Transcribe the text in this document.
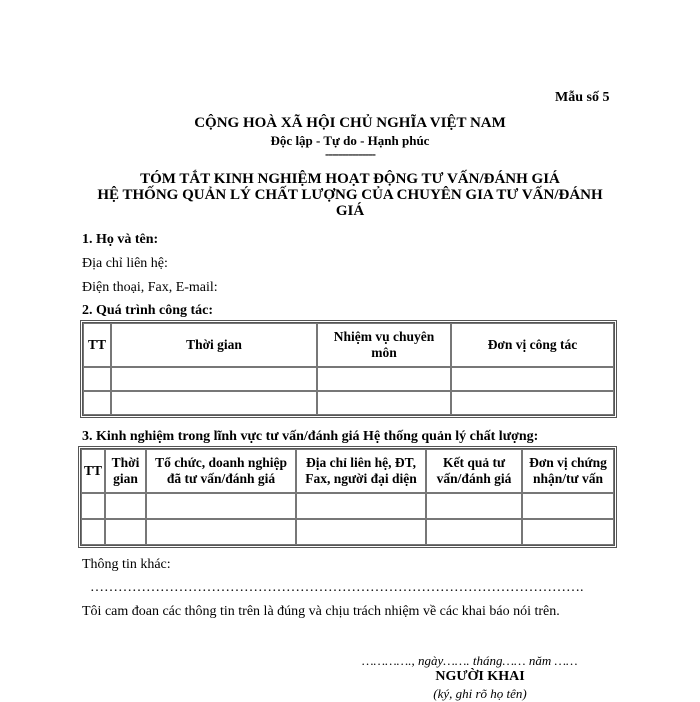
Mẫu số 5
CỘNG HOÀ XÃ HỘI CHỦ NGHĨA VIỆT NAM
Độc lập - Tự do - Hạnh phúc
---------------
TÓM TẮT KINH NGHIỆM HOẠT ĐỘNG TƯ VẤN/ĐÁNH GIÁ
HỆ THỐNG QUẢN LÝ CHẤT LƯỢNG CỦA CHUYÊN GIA TƯ VẤN/ĐÁNH
GIÁ
1. Họ và tên:
Địa chỉ liên hệ:
Điện thoại, Fax, E-mail:
2. Quá trình công tác:
TT	Thời gian	Nhiệm vụ chuyên môn	Đơn vị công tác

3. Kinh nghiệm trong lĩnh vực tư vấn/đánh giá Hệ thống quản lý chất lượng:
TT	Thời gian	Tổ chức, doanh nghiệp đã tư vấn/đánh giá	Địa chỉ liên hệ, ĐT, Fax, người đại diện	Kết quả tư vấn/đánh giá	Đơn vị chứng nhận/tư vấn

Thông tin khác:
…………………………………………………………………………………………….
Tôi cam đoan các thông tin trên là đúng và chịu trách nhiệm về các khai báo nói trên.
…………., ngày……. tháng…… năm ……
NGƯỜI KHAI
(ký, ghi rõ họ tên)
